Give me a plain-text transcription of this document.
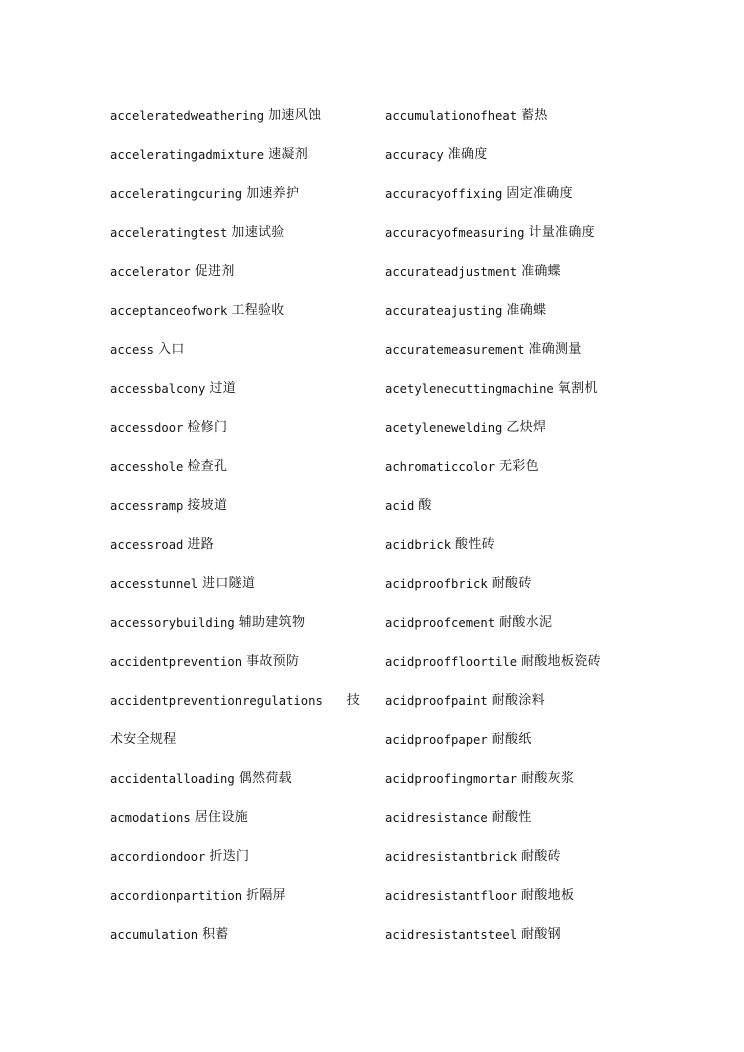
acceleratedweathering 加速风蚀
acceleratingadmixture 速凝剂
acceleratingcuring 加速养护
acceleratingtest 加速试验
accelerator 促进剂
acceptanceofwork 工程验收
access 入口
accessbalcony 过道
accessdoor 检修门
accesshole 检查孔
accessramp 接坡道
accessroad 进路
accesstunnel 进口隧道
accessorybuilding 辅助建筑物
accidentprevention 事故预防
accidentpreventionregulations 技
术安全规程
accidentalloading 偶然荷载
acmodations 居住设施
accordiondoor 折迭门
accordionpartition 折隔屏
accumulation 积蓄
accumulationofheat 蓄热
accuracy 准确度
accuracyoffixing 固定准确度
accuracyofmeasuring 计量准确度
accurateadjustment 准确蝶
accurateajusting 准确蝶
accuratemeasurement 准确测量
acetylenecuttingmachine 氧割机
acetylenewelding 乙炔焊
achromaticcolor 无彩色
acid 酸
acidbrick 酸性砖
acidproofbrick 耐酸砖
acidproofcement 耐酸水泥
acidprooffloortile 耐酸地板瓷砖
acidproofpaint 耐酸涂料
acidproofpaper 耐酸纸
acidproofingmortar 耐酸灰浆
acidresistance 耐酸性
acidresistantbrick 耐酸砖
acidresistantfloor 耐酸地板
acidresistantsteel 耐酸钢
